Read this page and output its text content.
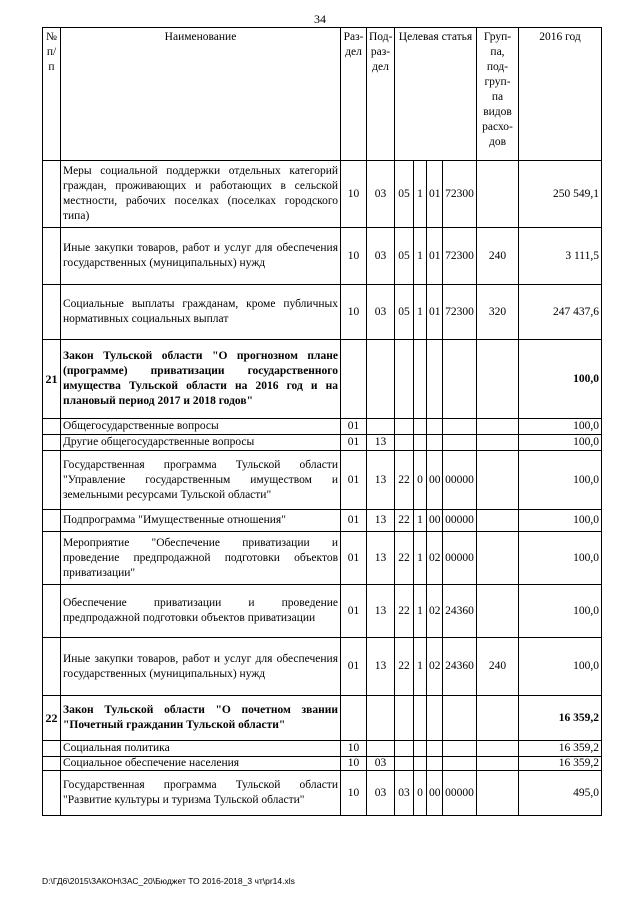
34
№ п/ п	Наименование	Раз- дел	Под- раз- дел	Целевая статья				Груп- па, под- груп- па видов расхо- дов	2016 год
	Меры социальной поддержки отдельных категорий граждан, проживающих и работающих в сельской местности, рабочих поселках (поселках городского типа)	10	03	05	1	01	72300		250 549,1
	Иные закупки товаров, работ и услуг для обеспечения государственных (муниципальных) нужд	10	03	05	1	01	72300	240	3 111,5
	Социальные выплаты гражданам, кроме публичных нормативных социальных выплат	10	03	05	1	01	72300	320	247 437,6
21	Закон Тульской области "О прогнозном плане (программе) приватизации государственного имущества Тульской области на 2016 год и на плановый период 2017 и 2018 годов"								100,0
	Общегосударственные вопросы	01							100,0
	Другие общегосударственные вопросы	01	13						100,0
	Государственная программа Тульской области "Управление государственным имуществом и земельными ресурсами Тульской области"	01	13	22	0	00	00000		100,0
	Подпрограмма "Имущественные отношения"	01	13	22	1	00	00000		100,0
	Мероприятие "Обеспечение приватизации и проведение предпродажной подготовки объектов приватизации"	01	13	22	1	02	00000		100,0
	Обеспечение приватизации и проведение предпродажной подготовки объектов приватизации	01	13	22	1	02	24360		100,0
	Иные закупки товаров, работ и услуг для обеспечения государственных (муниципальных) нужд	01	13	22	1	02	24360	240	100,0
22	Закон Тульской области "О почетном звании "Почетный гражданин Тульской области"								16 359,2
	Социальная политика	10							16 359,2
	Социальное обеспечение населения	10	03						16 359,2
	Государственная программа Тульской области "Развитие культуры и туризма Тульской области"	10	03	03	0	00	00000		495,0
D:\ГД6\2015\ЗАКОН\ЗАС_20\Бюджет ТО 2016-2018_3 чт\pr14.xls
